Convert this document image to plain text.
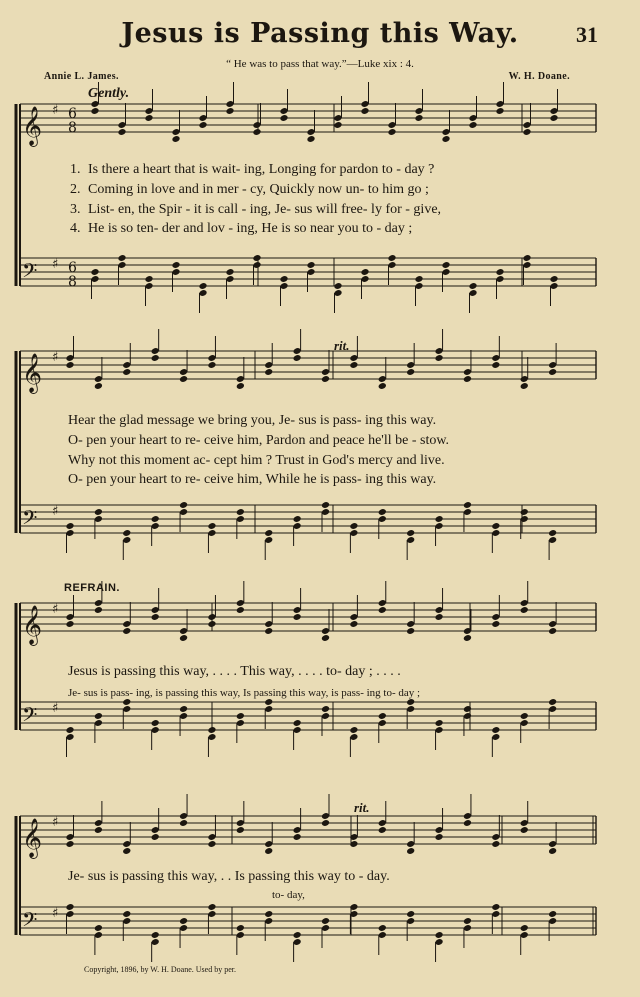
𝄞 ♯ 6
8
𝄢 ♯ 6
8
𝄞 ♯
𝄢 ♯
𝄞 ♯
𝄢 ♯
𝄞 ♯
𝄢 ♯
Jesus is Passing this Way.	31
“ He was to pass that way.”—Luke xix : 4.
Annie L. James.	W. H. Doane.
Gently.
1. Is there a heart that is wait- ing, Longing for pardon to - day ?
2. Coming in love and in mer - cy, Quickly now un- to him go ;
3. List- en, the Spir - it is call - ing, Je- sus will free- ly for - give,
4. He is so ten- der and lov - ing, He is so near you to - day ;
rit.
Hear the glad message we bring you, Je- sus is pass- ing this way.
O- pen your heart to re- ceive him, Pardon and peace he'll be - stow.
Why not this moment ac- cept him ? Trust in God's mercy and live.
O- pen your heart to re- ceive him, While he is pass- ing this way.
REFRAIN.
Jesus is passing this way, . . . . This way, . . . . to- day ; . . . .
Je- sus is pass- ing, is passing this way, Is passing this way, is pass- ing to- day ;
rit.
Je- sus is passing this way, . . Is passing this way to - day.
to- day,
Copyright, 1896, by W. H. Doane. Used by per.
